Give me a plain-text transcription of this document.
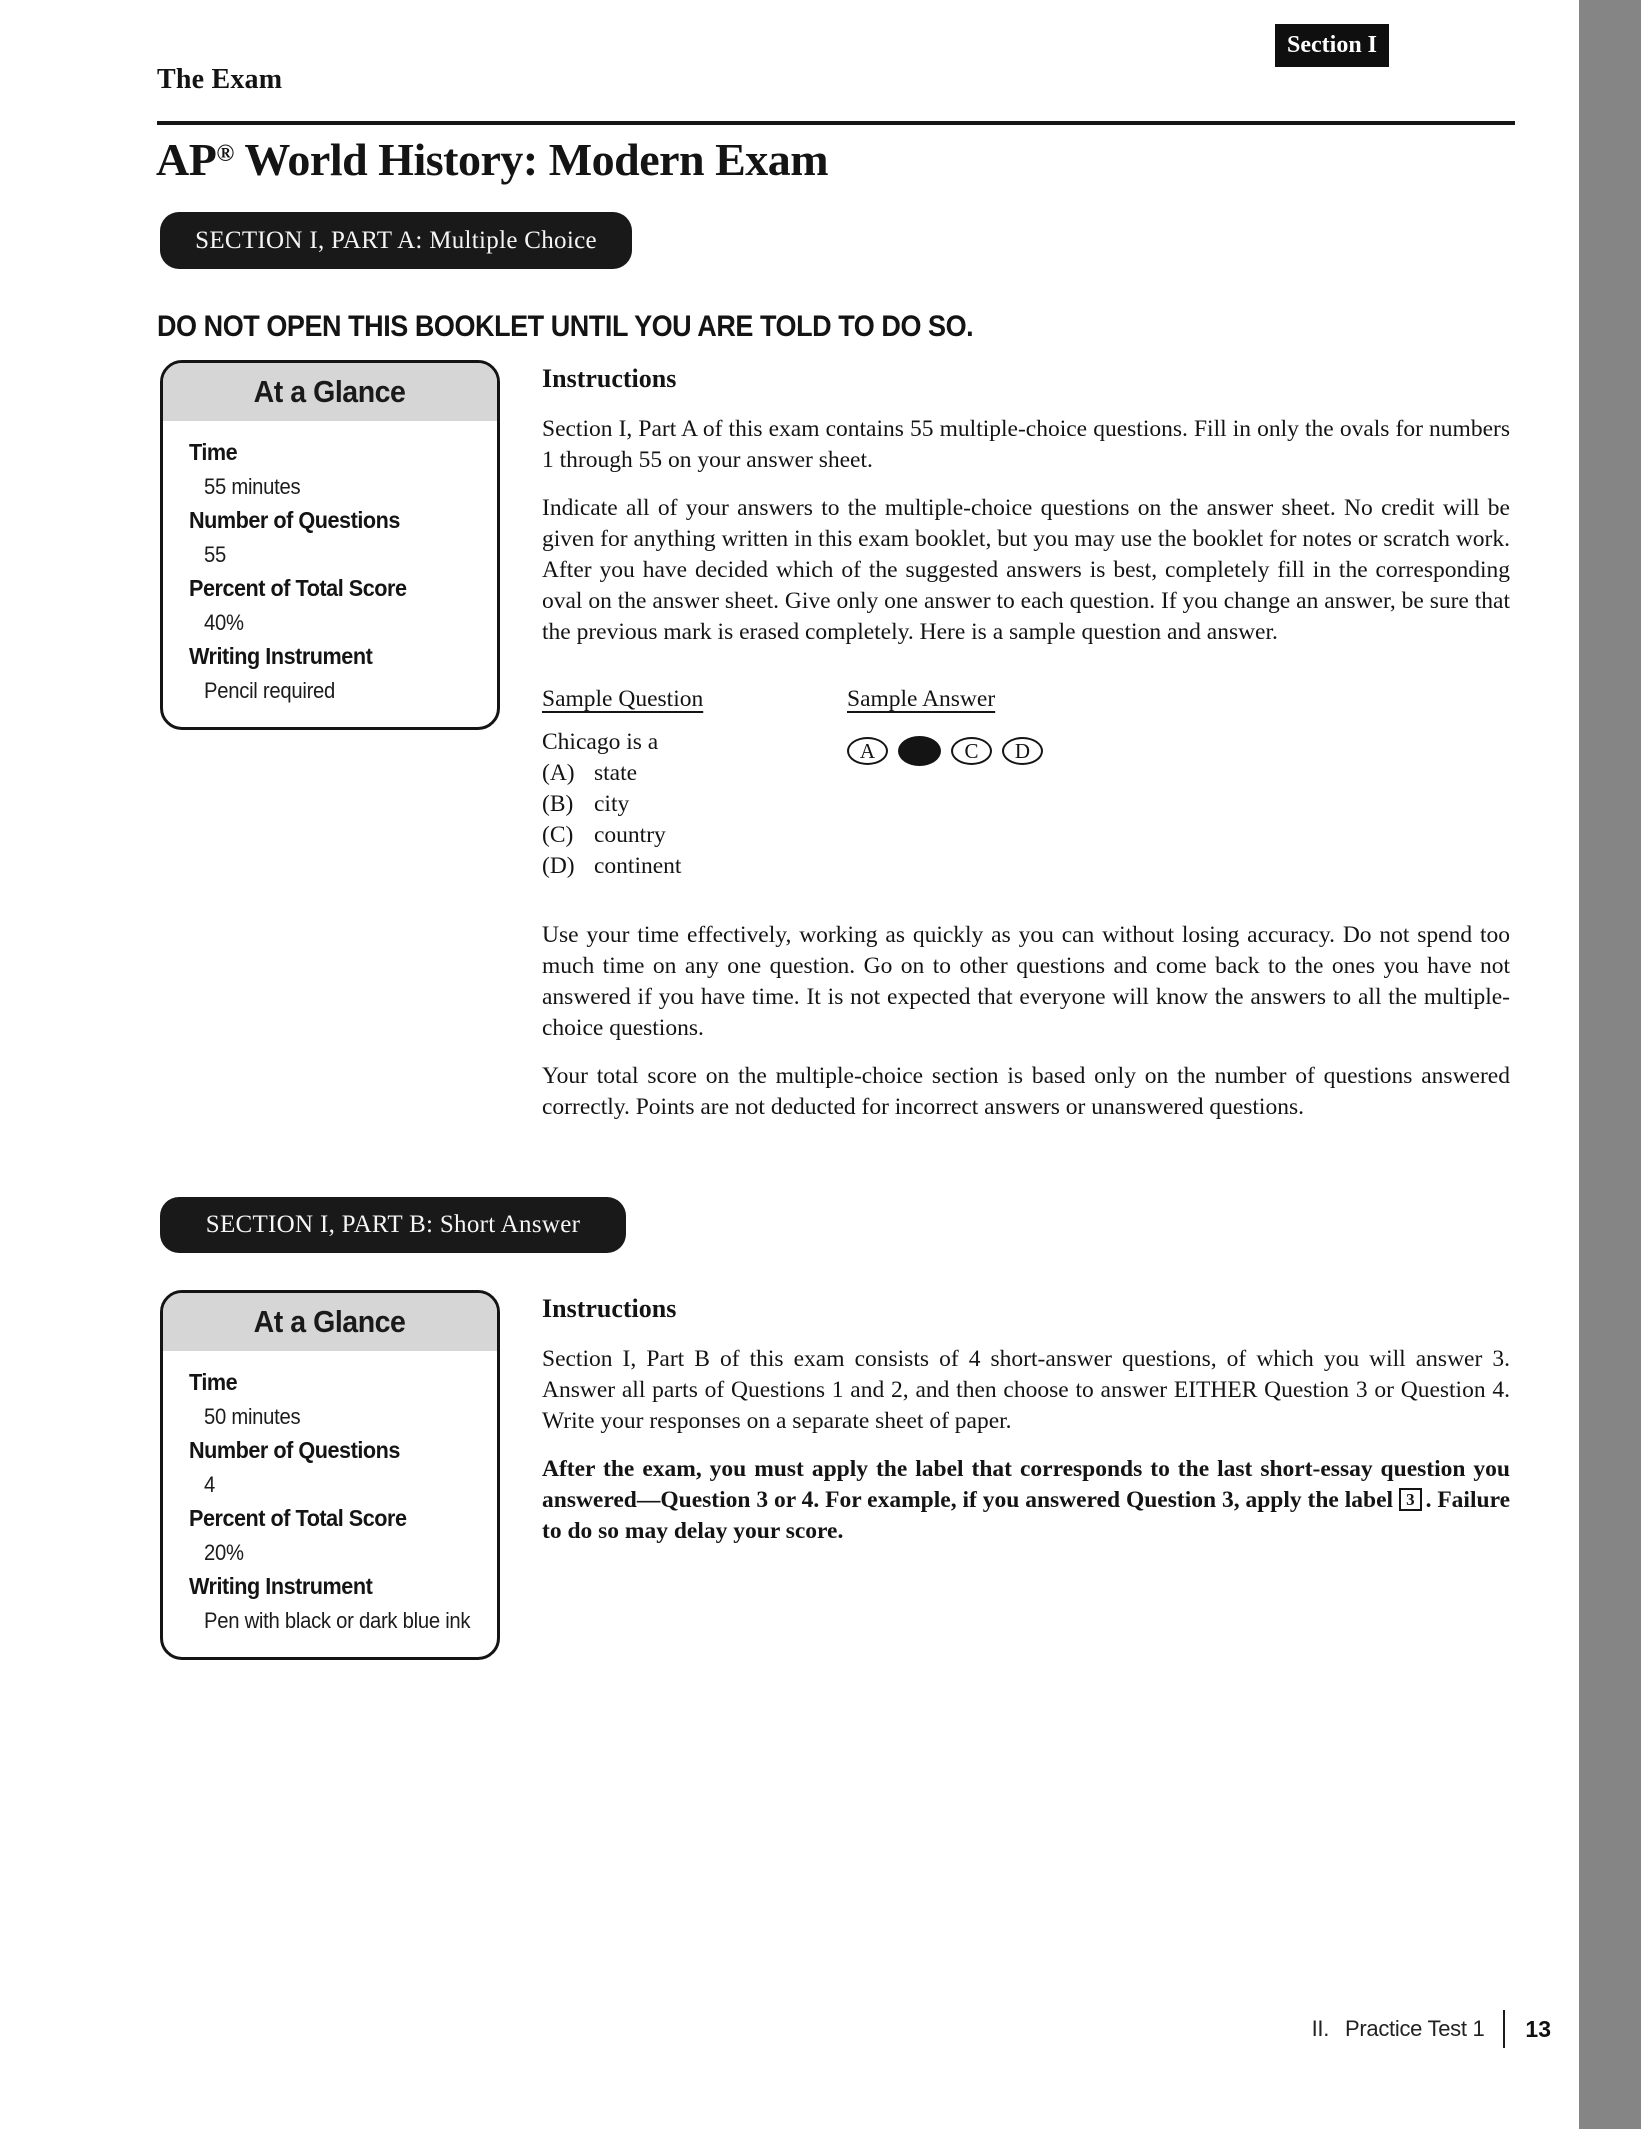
Section I
The Exam
AP® World History: Modern Exam
SECTION I, PART A: Multiple Choice
DO NOT OPEN THIS BOOKLET UNTIL YOU ARE TOLD TO DO SO.
At a Glance
Time
55 minutes
Number of Questions
55
Percent of Total Score
40%
Writing Instrument
Pencil required
Instructions

Section I, Part A of this exam contains 55 multiple-choice questions. Fill in only the ovals for numbers 1 through 55 on your answer sheet.

Indicate all of your answers to the multiple-choice questions on the answer sheet. No credit will be given for anything written in this exam booklet, but you may use the booklet for notes or scratch work. After you have decided which of the suggested answers is best, completely fill in the corresponding oval on the answer sheet. Give only one answer to each question. If you change an answer, be sure that the previous mark is erased completely. Here is a sample question and answer.

Sample Question
Chicago is a
(A) state
(B) city
(C) country
(D) continent
Sample Answer
A	C	D

Use your time effectively, working as quickly as you can without losing accuracy. Do not spend too much time on any one question. Go on to other questions and come back to the ones you have not answered if you have time. It is not expected that everyone will know the answers to all the multiple-choice questions.

Your total score on the multiple-choice section is based only on the number of questions answered correctly. Points are not deducted for incorrect answers or unanswered questions.

SECTION I, PART B: Short Answer
At a Glance
Time
50 minutes
Number of Questions
4
Percent of Total Score
20%
Writing Instrument
Pen with black or dark blue ink
Instructions

Section I, Part B of this exam consists of 4 short-answer questions, of which you will answer 3. Answer all parts of Questions 1 and 2, and then choose to answer EITHER Question 3 or Question 4. Write your responses on a separate sheet of paper.

After the exam, you must apply the label that corresponds to the last short-essay question you answered—Question 3 or 4. For example, if you answered Question 3, apply the label 3 . Failure to do so may delay your score.

II. Practice Test 1 13
